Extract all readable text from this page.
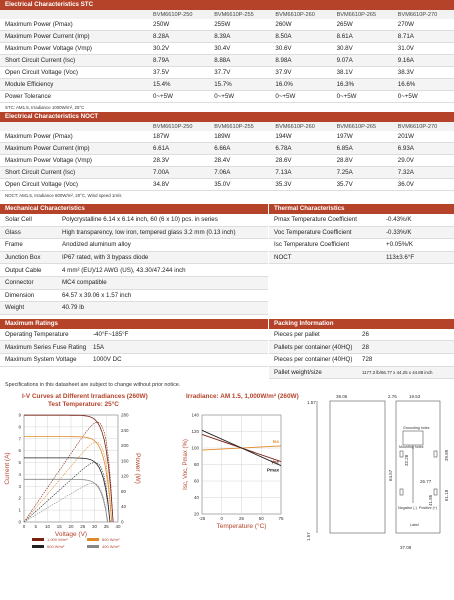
Electrical Characteristics STC
	BVM6610P-250	BVM6610P-255	BVM6610P-260	BVM6610P-265	BVM6610P-270
Maximum Power (Pmax)	250W	255W	260W	265W	270W
Maximum Power Current (Imp)	8.28A	8.39A	8.50A	8.61A	8.71A
Maximum Power Voltage (Vmp)	30.2V	30.4V	30.6V	30.8V	31.0V
Short Circuit Current (Isc)	8.79A	8.88A	8.98A	9.07A	9.16A
Open Circuit Voltage (Voc)	37.5V	37.7V	37.9V	38.1V	38.3V
Module Efficiency	15.4%	15.7%	16.0%	16.3%	16.6%
Power Tolerance	0~+5W	0~+5W	0~+5W	0~+5W	0~+5W
STC: AM1.5, Irradiance 1000W/m², 25°C
Electrical Characteristics NOCT
	BVM6610P-250	BVM6610P-255	BVM6610P-260	BVM6610P-265	BVM6610P-270
Maximum Power (Pmax)	187W	189W	194W	197W	201W
Maximum Power Current (Imp)	6.61A	6.66A	6.78A	6.85A	6.93A
Maximum Power Voltage (Vmp)	28.3V	28.4V	28.6V	28.8V	29.0V
Short Circuit Current (Isc)	7.00A	7.06A	7.13A	7.25A	7.32A
Open Circuit Voltage (Voc)	34.8V	35.0V	35.3V	35.7V	36.0V
NOCT: AM1.5, Irradiance 800W/m², 20°C, Wind speed 1m/s
Mechanical Characteristics
Solar Cell	Polycrystalline 6.14 x 6.14 inch, 60 (6 x 10) pcs. in series
Glass	High transparency, low iron, tempered glass 3.2 mm (0.13 inch)
Frame	Anodized aluminum alloy
Junction Box	IP67 rated, with 3 bypass diode
Output Cable	4 mm² (EU)/12 AWG (US), 43.30/47.244 inch
Connector	MC4 compatible
Dimension	64.57 x 39.06 x 1.57 inch
Weight	40.79 lb
Thermal Characteristics
Pmax Temperature Coefficient	-0.43%/K
Voc Temperature Coefficient	-0.33%/K
Isc Temperature Coefficient	+0.05%/K
NOCT	113±3.6°F
Maximum Ratings
Operating Temperature	-40°F~185°F
Maximum Series Fuse Rating	15A
Maximum System Voltage	1000V DC
Packing Information
Pieces per pallet	26
Pallets per container (40HQ)	28
Pieces per container (40HQ)	728
Pallet weight/size	1177.3 lb/66.77 x 44.25 x 44.88 inch
Specifications in this datasheet are subject to change without prior notice.
I-V Curves at Different Irradiances (260W)
Test Temperature: 25°C
Irradiance: AM 1.5, 1,000W/m² (260W)
0
1
2
3
4
5
6
7
8
9
0
40
80
120
160
200
240
280
0 5 10 15 20 25 30 35 40
Voltage (V)
Current (A)	Power (W)
1,000 W/m²	800 W/m²
600 W/m²	400 W/m²
20
40
60
80
100
120
140
-25	0	25	50	75
Temperature (°C)
Isc, Voc, Pmax (%)	Isc
Voc
Pmax
39.06
1.57
2.76	19.53
39.89
61.18
64.57
37.09
1.57
26.77
32.28
41.85
Grounding holes
Mounting holes
Negative (-) Positive (+)
Label
